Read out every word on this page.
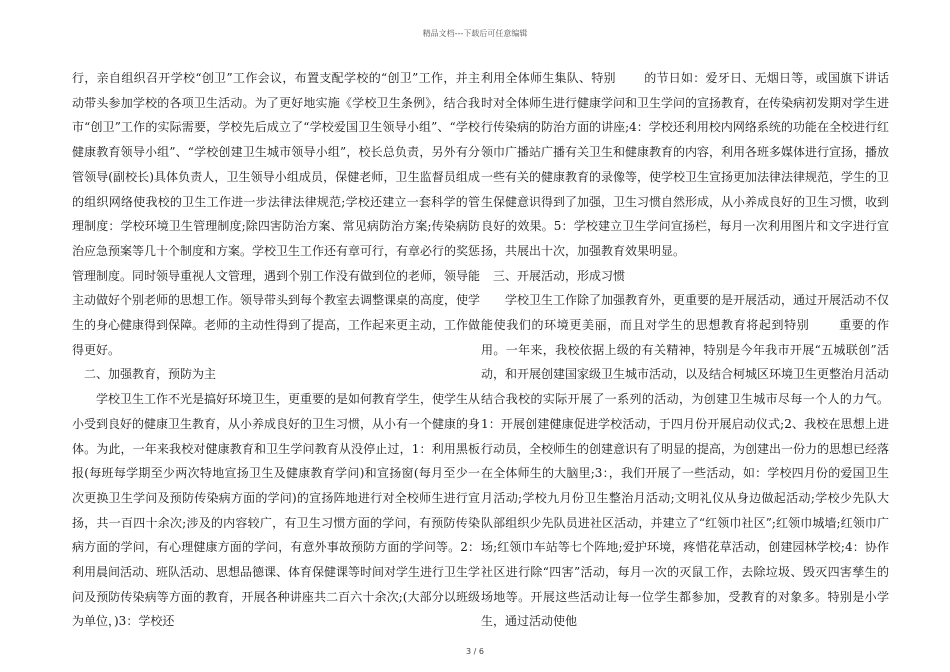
精品文档---下载后可任意编辑

行，亲自组织召开学校“创卫”工作会议，布置支配学校的“创卫”工作，并主动带头参加学校的各项卫生活动。为了更好地实施《学校卫生条例》，结合我市“创卫”工作的实际需要，学校先后成立了“学校爱国卫生领导小组”、“学校健康教育领导小组”、“学校创建卫生城市领导小组”，校长总负责，另外有分管领导(副校长)具体负责人，卫生领导小组成员，保健老师，卫生监督员组成的组织网络使我校的卫生工作进一步法律法律规范;学校还建立一套科学的管理制度：学校环境卫生管理制度;除四害防治方案、常见病防治方案;传染病防治应急预案等几十个制度和方案。学校卫生工作还有章可行，有章必行的奖惩管理制度。同时领导重视人文管理，遇到个别工作没有做到位的老师，领导能主动做好个别老师的思想工作。领导带头到每个教室去调整课桌的高度，使学生的身心健康得到保障。老师的主动性得到了提高，工作起来更主动，工作做得更好。

二、加强教育，预防为主

学校卫生工作不光是搞好环境卫生，更重要的是如何教育学生，使学生从小受到良好的健康卫生教育，从小养成良好的卫生习惯，从小有一个健康的身体。为此，一年来我校对健康教育和卫生学问教育从没停止过，1：利用黑板报(每班每学期至少两次特地宣扬卫生及健康教育学问)和宣扬窗(每月至少一次更换卫生学问及预防传染病方面的学问)的宣扬阵地进行对全校师生进行宣扬，共一百四十余次;涉及的内容较广，有卫生习惯方面的学问，有预防传染病方面的学问，有心理健康方面的学问，有意外事故预防方面的学问等。2：利用晨间活动、班队活动、思想品德课、体育保健课等时间对学生进行卫生学问及预防传染病等方面的教育，开展各种讲座共二百六十余次;(大部分以班级为单位，)3：学校还

利用全体师生集队、特别　　 的节日如：爱牙日、无烟日等，或国旗下讲话时对全体师生进行健康学问和卫生学问的宣扬教育，在传染病初发期对学生进行传染病的防治方面的讲座;4：学校还利用校内网络系统的功能在全校进行红领巾广播站广播有关卫生和健康教育的内容，利用各班多媒体进行宣扬，播放一些有关的健康教育的录像等，使学校卫生宣扬更加法律法律规范，学生的卫生保健意识得到了加强，卫生习惯自然形成，从小养成良好的卫生习惯，收到良好的效果。5：学校建立卫生学问宣扬栏，每月一次利用图片和文字进行宣扬，共展出十次，加强教育效果明显。

三、开展活动，形成习惯

学校卫生工作除了加强教育外，更重要的是开展活动，通过开展活动不仅能使我们的环境更美丽，而且对学生的思想教育将起到特别　　 重要的作用。一年来，我校依据上级的有关精神，特别是今年我市开展“五城联创”活动，和开展创建国家级卫生城市活动，以及结合柯城区环境卫生更整治月活动结合我校的实际开展了一系列的活动，为创建卫生城市尽每一个人的力气。1：开展创建健康促进学校活动，于四月份开展启动仪式;2、我校在思想上进行动员，全校师生的创建意识有了明显的提高，为创建出一份力的思想已经落在全体师生的大脑里;3：，我们开展了一些活动，如：学校四月份的爱国卫生月活动;学校九月份卫生整治月活动;文明礼仪从身边做起活动;学校少先队大队部组织少先队员进社区活动，并建立了“红领巾社区”;红领巾城墙;红领巾广场;红领巾车站等七个阵地;爱护环境，疼惜花草活动，创建园林学校;4：协作社区进行除“四害”活动，每月一次的灭鼠工作，去除垃圾、毁灭四害孳生的场地等。开展这些活动让每一位学生都参加，受教育的对象多。特别是小学生，通过活动使他

3 / 6
